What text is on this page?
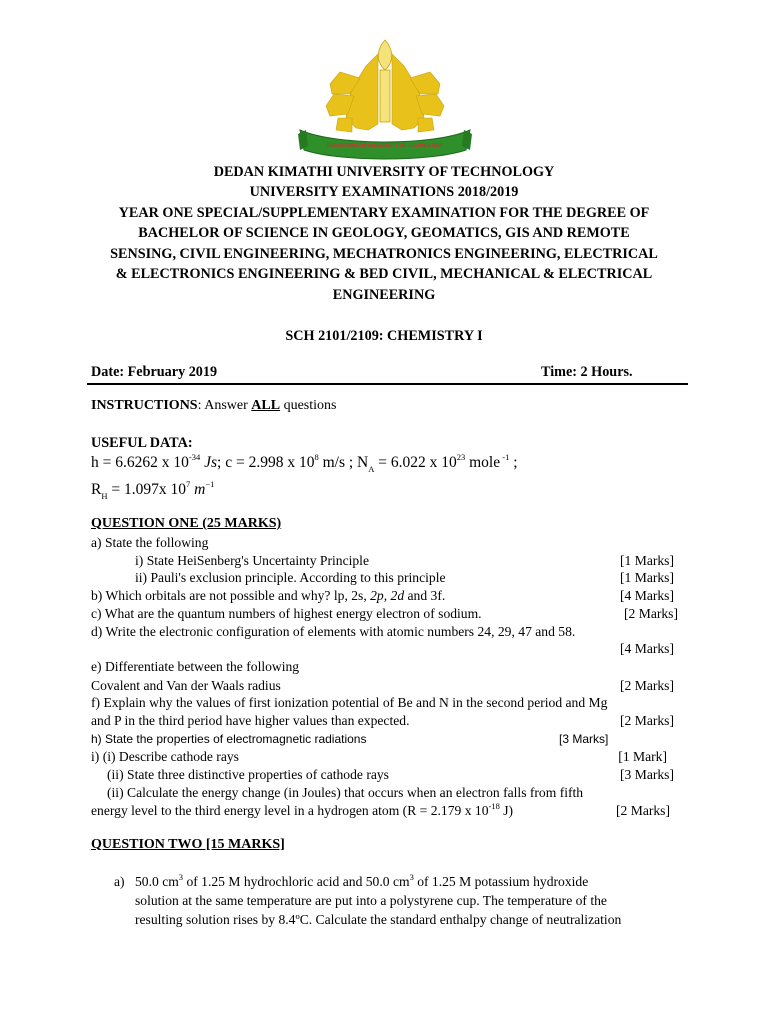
DEDAN KIMATHI UNIVERSITY OF TECHNOLOGY
DEDAN KIMATHI UNIVERSITY OF TECHNOLOGY
UNIVERSITY EXAMINATIONS 2018/2019
YEAR ONE SPECIAL/SUPPLEMENTARY EXAMINATION FOR THE DEGREE OF
BACHELOR OF SCIENCE IN GEOLOGY, GEOMATICS, GIS AND REMOTE
SENSING, CIVIL ENGINEERING, MECHATRONICS ENGINEERING, ELECTRICAL
& ELECTRONICS ENGINEERING & BED CIVIL, MECHANICAL & ELECTRICAL
ENGINEERING
SCH 2101/2109: CHEMISTRY I
Date: February 2019	Time: 2 Hours.
INSTRUCTIONS: Answer ALL questions
USEFUL DATA:
h = 6.6262 x $10^{-34}$ Js; c = 2.998 x $10^8$ m/s ; $N_A = 6.022$ x $10^{23}$ mole $^{-1}$ ;
$R_H = 1.097x$ $10^7$ $m^{-1}$
QUESTION ONE (25 MARKS)
a) State the following
i) State HeiSenberg's Uncertainty Principle	[1 Marks]
ii) Pauli's exclusion principle. According to this principle	[1 Marks]
b) Which orbitals are not possible and why? lp, 2s, 2p, 2d and 3f.	[4 Marks]
c) What are the quantum numbers of highest energy electron of sodium.	[2 Marks]
d) Write the electronic configuration of elements with atomic numbers 24, 29, 47 and 58.
[4 Marks]
e) Differentiate between the following
Covalent and Van der Waals radius	[2 Marks]
f) Explain why the values of first ionization potential of Be and N in the second period and Mg
and P in the third period have higher values than expected.	[2 Marks]
h) State the properties of electromagnetic radiations	[3 Marks]
i) (i) Describe cathode rays	[1 Mark]
(ii) State three distinctive properties of cathode rays	[3 Marks]
(ii) Calculate the energy change (in Joules) that occurs when an electron falls from fifth
energy level to the third energy level in a hydrogen atom (R = 2.179 x $10^{-18}$ J)	[2 Marks]
QUESTION TWO [15 MARKS]
a) 50.0 $cm^3$ of 1.25 M hydrochloric acid and 50.0 $cm^3$ of 1.25 M potassium hydroxide
solution at the same temperature are put into a polystyrene cup. The temperature of the
resulting solution rises by 8.4ºC. Calculate the standard enthalpy change of neutralization
